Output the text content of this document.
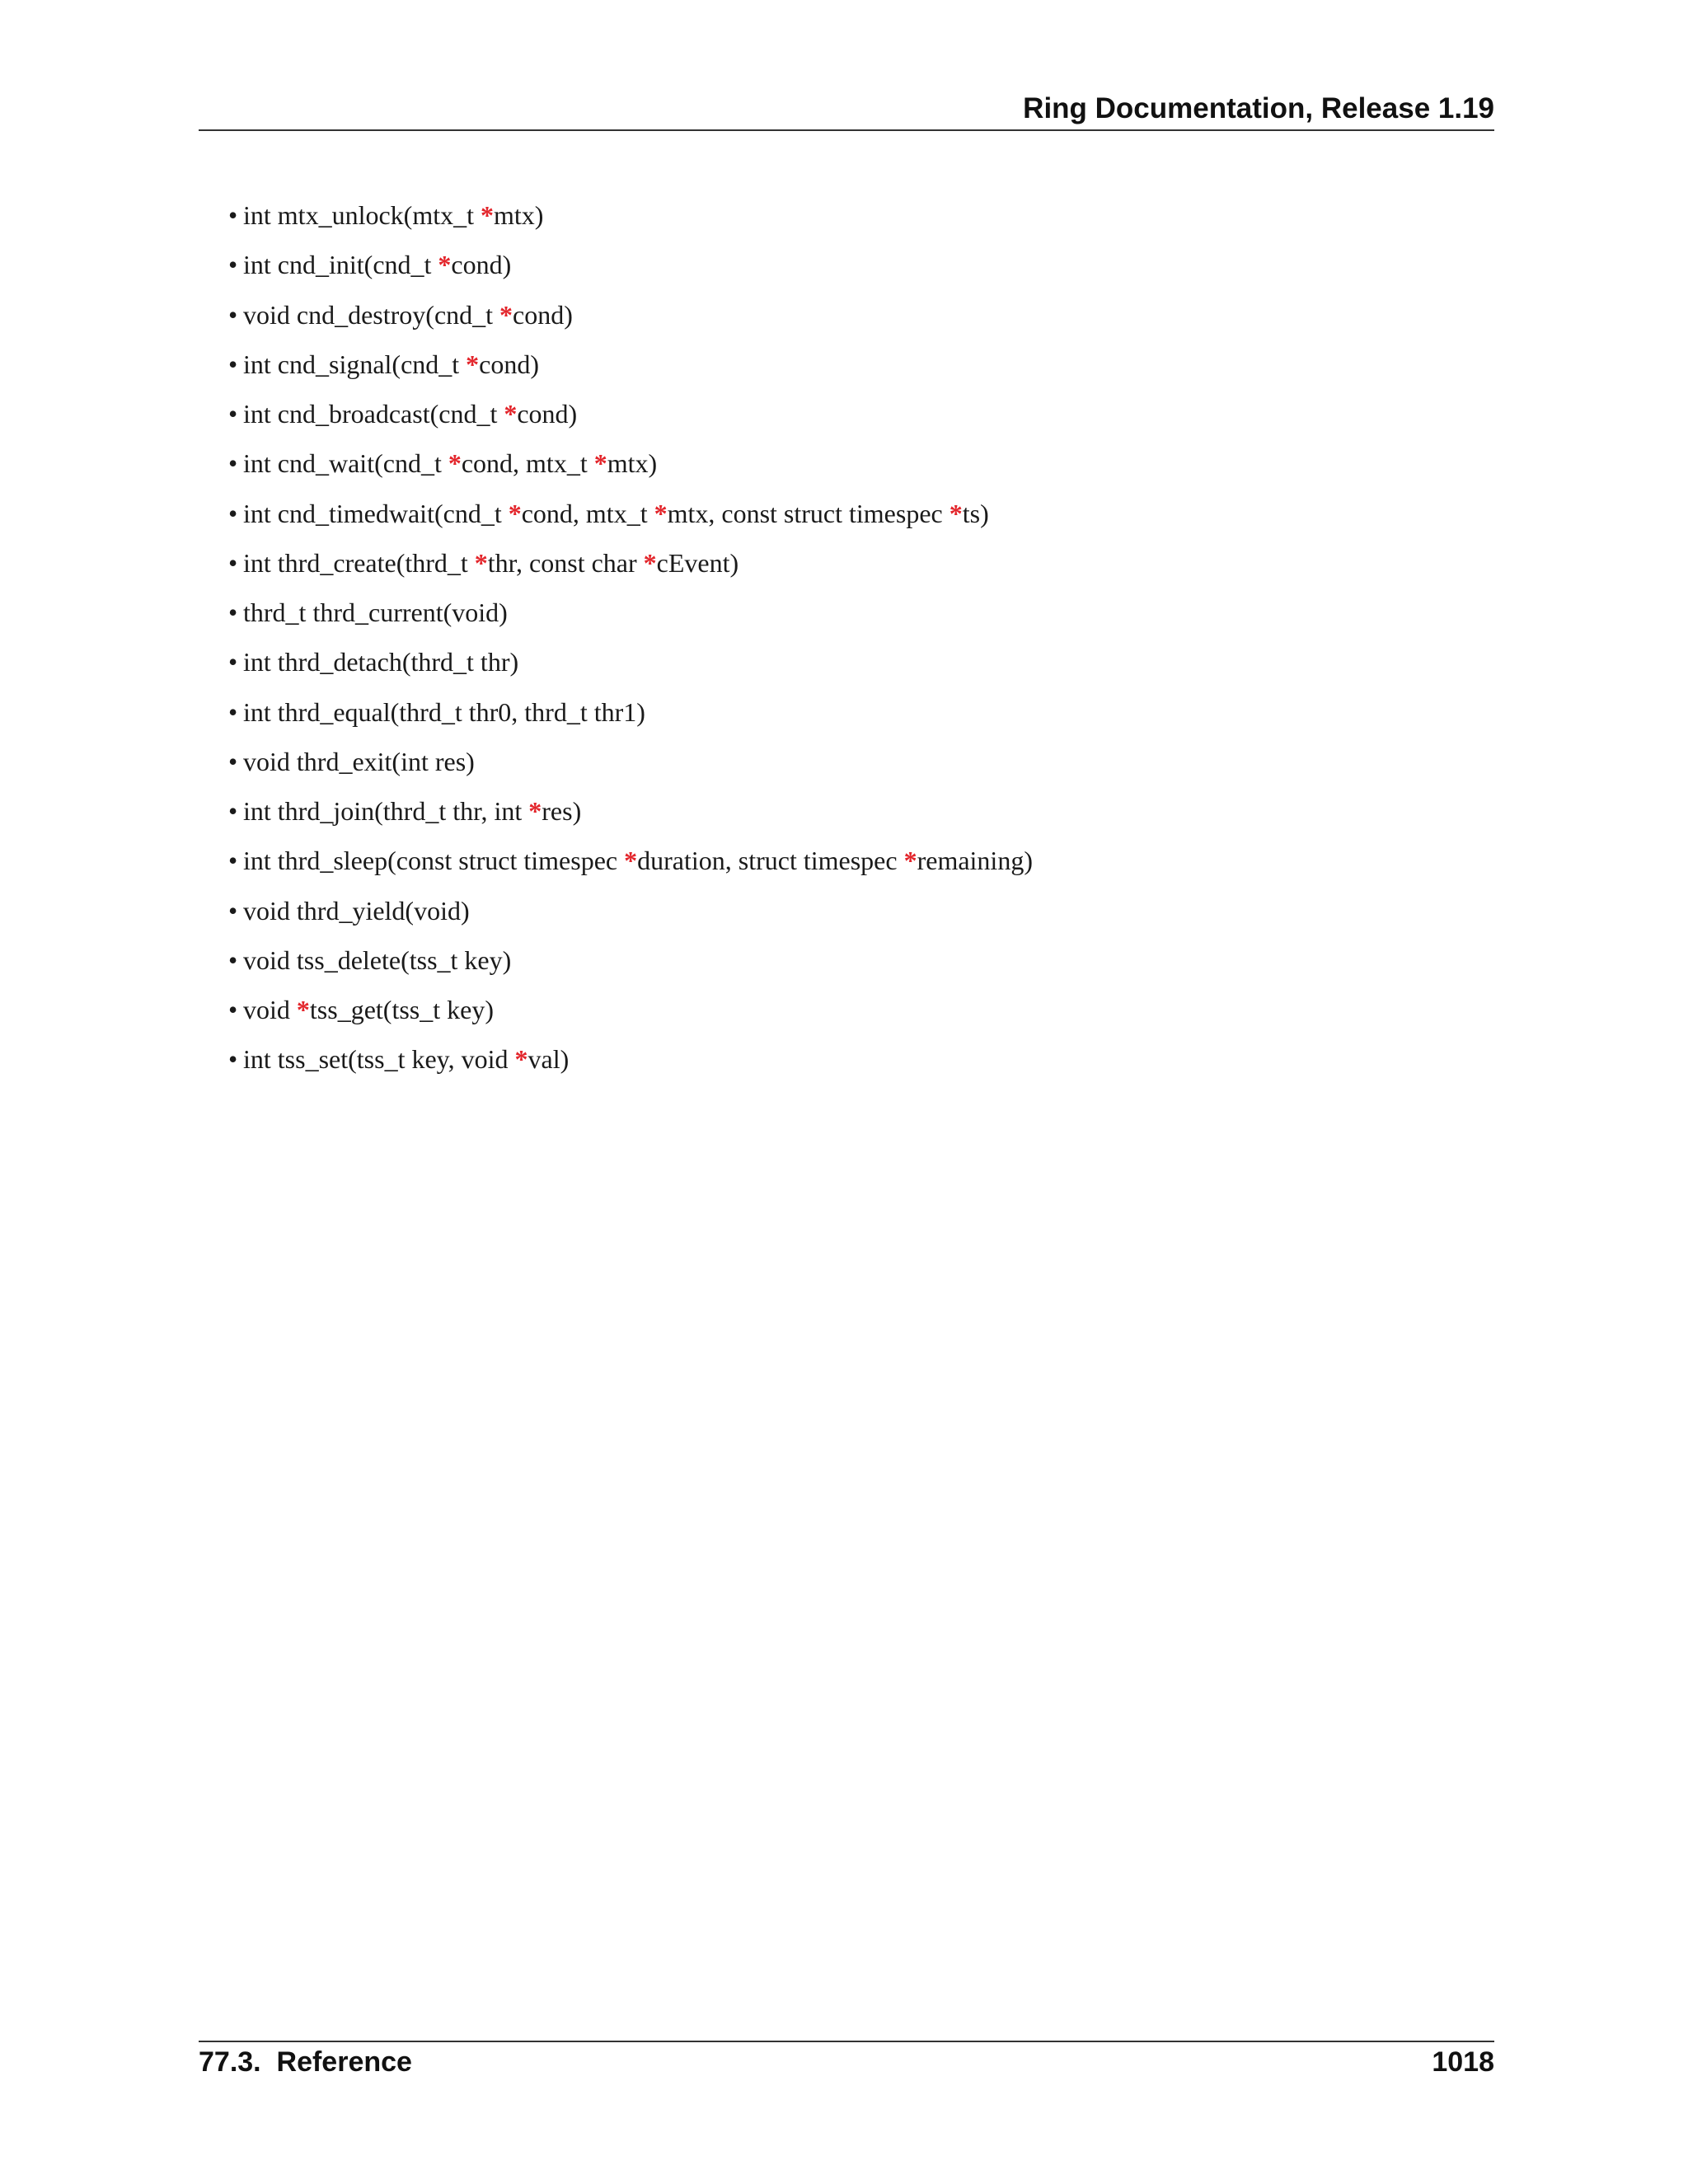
Ring Documentation, Release 1.19
• int mtx_unlock(mtx_t *mtx)
• int cnd_init(cnd_t *cond)
• void cnd_destroy(cnd_t *cond)
• int cnd_signal(cnd_t *cond)
• int cnd_broadcast(cnd_t *cond)
• int cnd_wait(cnd_t *cond, mtx_t *mtx)
• int cnd_timedwait(cnd_t *cond, mtx_t *mtx, const struct timespec *ts)
• int thrd_create(thrd_t *thr, const char *cEvent)
• thrd_t thrd_current(void)
• int thrd_detach(thrd_t thr)
• int thrd_equal(thrd_t thr0, thrd_t thr1)
• void thrd_exit(int res)
• int thrd_join(thrd_t thr, int *res)
• int thrd_sleep(const struct timespec *duration, struct timespec *remaining)
• void thrd_yield(void)
• void tss_delete(tss_t key)
• void *tss_get(tss_t key)
• int tss_set(tss_t key, void *val)
77.3.  Reference	1018
